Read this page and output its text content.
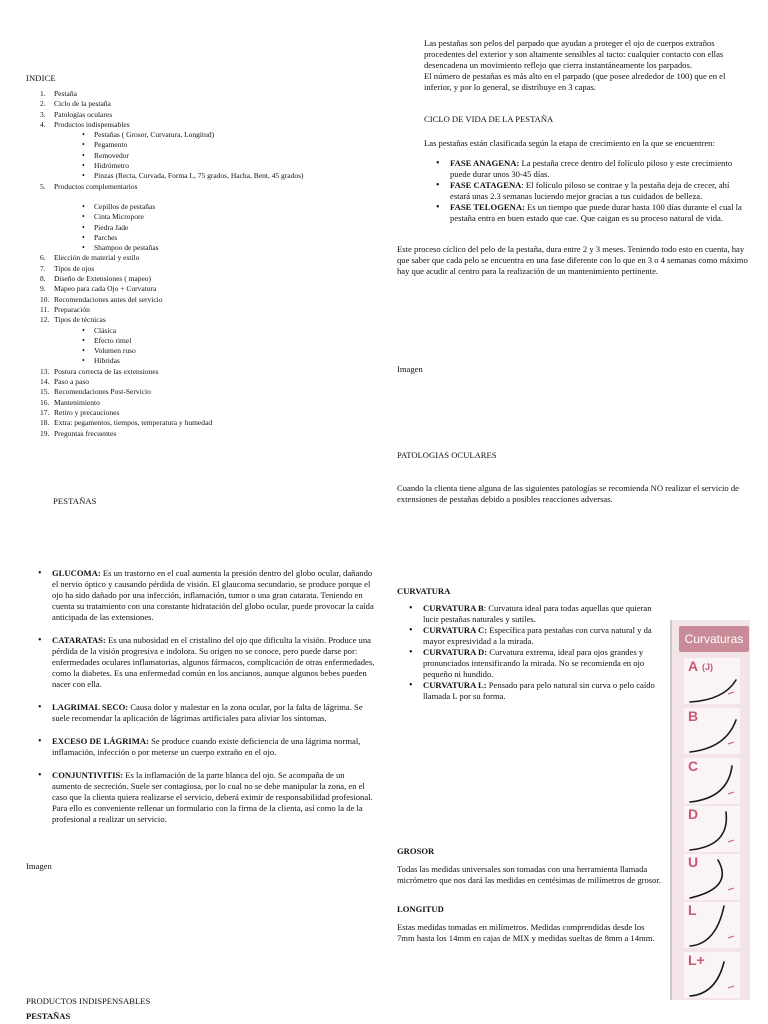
INDICE
1. Pestaña
2. Ciclo de la pestaña
3. Patologías oculares
4. Productos indispensables
• Pestañas ( Grosor, Curvatura, Longitud)
• Pegamento
• Removedor
• Hidrómetro
• Pinzas (Recta, Curvada, Forma L, 75 grados, Hacha, Bent, 45 grados)
5. Productos complementarios
• Cepillos de pestañas
• Cinta Micropore
• Piedra Jade
• Parches
• Shampoo de pestañas
6. Elección de material y estilo
7. Tipos de ojos
8. Diseño de Extensiones ( mapeo)
9. Mapeo para cada Ojo + Curvatura
10. Recomendaciones antes del servicio
11. Preparación
12. Tipos de técnicas
• Clásica
• Efecto rimel
• Volumen ruso
• Híbridas
13. Postura correcta de las extensiones
14. Paso a paso
15. Recomendaciones Post-Servicio
16. Mantenimiento
17. Retiro y precauciones
18. Extra: pegamentos, tiempos, temperatura y humedad
19. Preguntas frecuentes
PESTAÑAS
• GLUCOMA: Es un trastorno en el cual aumenta la presión dentro del globo ocular, dañando el nervio óptico y causando pérdida de visión. El glaucoma secundario, se produce porque el ojo ha sido dañado por una infección, inflamación, tumor o una gran catarata. Teniendo en cuenta su tratamiento con una constante hidratación del globo ocular, puede provocar la caída anticipada de las extensiones.
• CATARATAS: Es una nubosidad en el cristalino del ojo que dificulta la visión. Produce una pérdida de la visión progresiva e indolora. Su origen no se conoce, pero puede darse por: enfermedades oculares inflamatorias, algunos fármacos, complicación de otras enfermedades, como la diabetes. Es una enfermedad común en los ancianos, aunque algunos bebes pueden nacer con ella.
• LAGRIMAL SECO: Causa dolor y malestar en la zona ocular, por la falta de lágrima. Se suele recomendar la aplicación de lágrimas artificiales para aliviar los síntomas.
• EXCESO DE LÁGRIMA: Se produce cuando existe deficiencia de una lágrima normal, inflamación, infección o por meterse un cuerpo extraño en el ojo.
• CONJUNTIVITIS: Es la inflamación de la parte blanca del ojo. Se acompaña de un aumento de secreción. Suele ser contagiosa, por lo cual no se debe manipular la zona, en el caso que la clienta quiera realizarse el servicio, deberá eximir de responsabilidad profesional. Para ello es conveniente rellenar un formulario con la firma de la clienta, así como la de la profesional a realizar un servicio.
Imagen
PRODUCTOS INDISPENSABLES
PESTAÑAS
Las pestañas son pelos del parpado que ayudan a proteger el ojo de cuerpos extraños procedentes del exterior y son altamente sensibles al tacto: cualquier contacto con ellas desencadena un movimiento reflejo que cierra instantáneamente los parpados.
El número de pestañas es más alto en el parpado (que posee alrededor de 100) que en el inferior, y por lo general, se distribuye en 3 capas.
CICLO DE VIDA DE LA PESTAÑA
Las pestañas están clasificada según la etapa de crecimiento en la que se encuentren:
• FASE ANAGENA: La pestaña crece dentro del folículo piloso y este crecimiento puede durar unos 30-45 días.
• FASE CATAGENA: El folículo piloso se contrae y la pestaña deja de crecer, ahí estará unas 2.3 semanas luciendo mejor gracias a tus cuidados de belleza.
• FASE TELOGENA: Es un tiempo que puede durar hasta 100 días durante el cual la pestaña entra en buen estado que cae. Que caigan es su proceso natural de vida.
Este proceso cíclico del pelo de la pestaña, dura entre 2 y 3 meses. Teniendo todo esto en cuenta, hay que saber que cada pelo se encuentra en una fase diferente con lo que en 3 o 4 semanas como máximo hay que acudir al centro para la realización de un mantenimiento pertinente.
Imagen
PATOLOGIAS OCULARES
Cuando la clienta tiene alguna de las siguientes patologías se recomienda NO realizar el servicio de extensiones de pestañas debido a posibles reacciones adversas.
CURVATURA
• CURVATURA B: Curvatura ideal para todas aquellas que quieran lucir pestañas naturales y sutiles.
• CURVATURA C: Específica para pestañas con curva natural y da mayor expresividad a la mirada.
• CURVATURA D: Curvatura extrema, ideal para ojos grandes y pronunciados intensificando la mirada. No se recomienda en ojo pequeño ni hundido.
• CURVATURA L: Pensado para pelo natural sin curva o pelo caído llamada L por su forma.
GROSOR
Todas las medidas universales son tomadas con una herramienta llamada micrómetro que nos dará las medidas en centésimas de milímetros de grosor.
LONGITUD
Estas medidas tomadas en milímetros. Medidas comprendidas desde los 7mm hasta los 14mm en cajas de MIX y medidas sueltas de 8mm a 14mm.
Curvaturas
A (J)
B
C
D
U
L
L+
